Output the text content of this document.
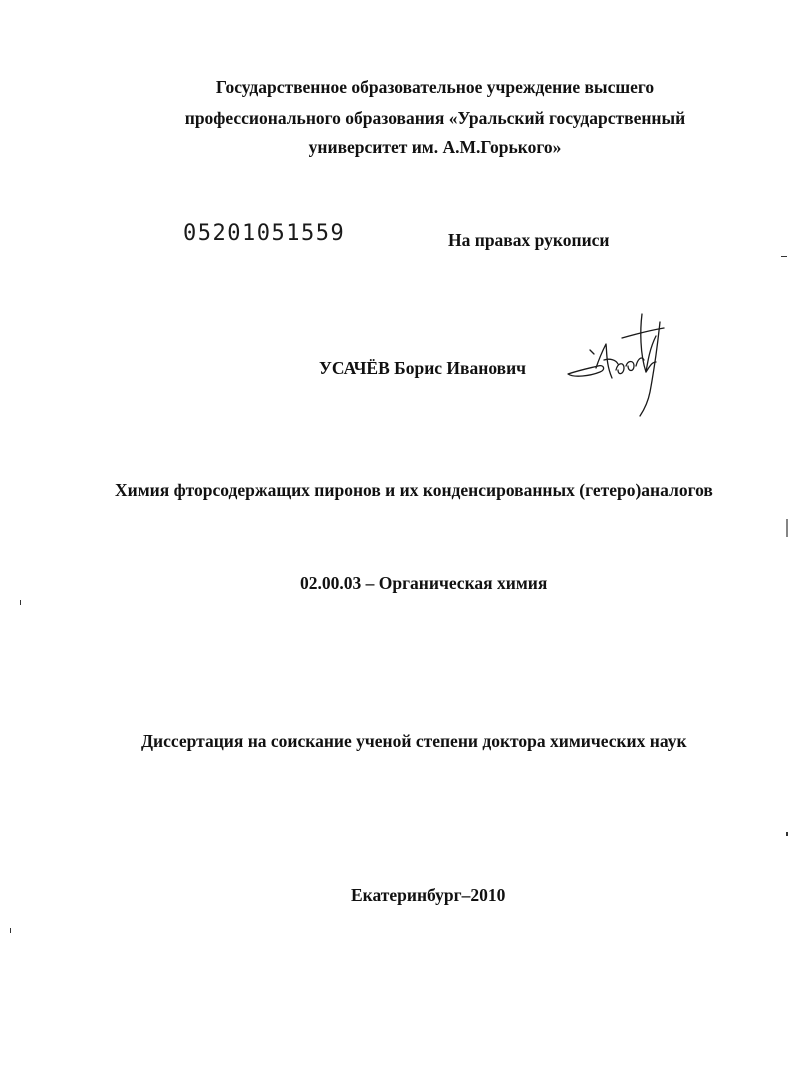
Государственное образовательное учреждение высшего
профессионального образования «Уральский государственный
университет им. А.М.Горького»
05201051559	На правах рукописи
УСАЧЁВ Борис Иванович
Химия фторсодержащих пиронов и их конденсированных (гетеро)аналогов
02.00.03 – Органическая химия
Диссертация на соискание ученой степени доктора химических наук
Екатеринбург–2010
